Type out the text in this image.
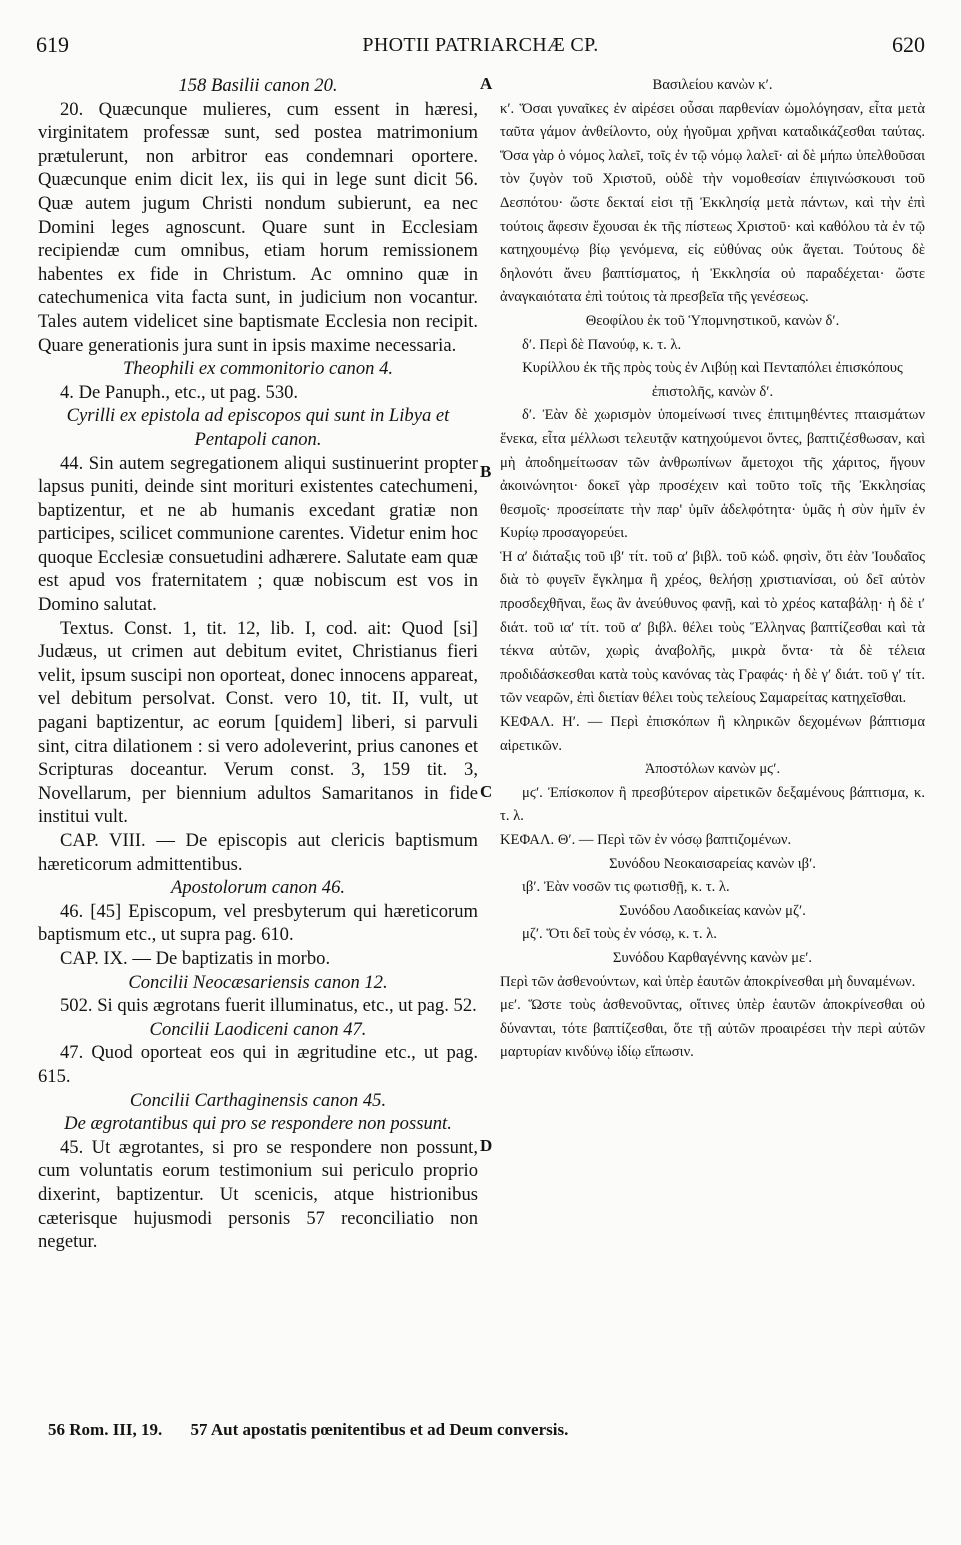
619	PHOTII PATRIARCHÆ CP.	620

158 Basilii canon 20.

20. Quæcunque mulieres, cum essent in hæresi, virginitatem professæ sunt, sed postea matrimonium prætulerunt, non arbitror eas condemnari oportere. Quæcunque enim dicit lex, iis qui in lege sunt dicit 56. Quæ autem jugum Christi nondum subierunt, ea nec Domini leges agnoscunt. Quare sunt in Ecclesiam recipiendæ cum omnibus, etiam horum remissionem habentes ex fide in Christum. Ac omnino quæ in catechumenica vita facta sunt, in judicium non vocantur. Tales autem videlicet sine baptismate Ecclesia non recipit. Quare generationis jura sunt in ipsis maxime necessaria.

Theophili ex commonitorio canon 4.

4. De Panuph., etc., ut pag. 530.

Cyrilli ex epistola ad episcopos qui sunt in Libya et Pentapoli canon.

44. Sin autem segregationem aliqui sustinuerint propter lapsus puniti, deinde sint morituri existentes catechumeni, baptizentur, et ne ab humanis excedant gratiæ non participes, scilicet communione carentes. Videtur enim hoc quoque Ecclesiæ consuetudini adhærere. Salutate eam quæ est apud vos fraternitatem ; quæ nobiscum est vos in Domino salutat.

Textus. Const. 1, tit. 12, lib. I, cod. ait: Quod [si] Judæus, ut crimen aut debitum evitet, Christianus fieri velit, ipsum suscipi non oporteat, donec innocens appareat, vel debitum persolvat. Const. vero 10, tit. II, vult, ut pagani baptizentur, ac eorum [quidem] liberi, si parvuli sint, citra dilationem : si vero adoleverint, prius canones et Scripturas doceantur. Verum const. 3, 159 tit. 3, Novellarum, per biennium adultos Samaritanos in fide institui vult.

CAP. VIII. — De episcopis aut clericis baptismum hæreticorum admittentibus.

Apostolorum canon 46.

46. [45] Episcopum, vel presbyterum qui hæreticorum baptismum etc., ut supra pag. 610.

CAP. IX. — De baptizatis in morbo.

Concilii Neocæsariensis canon 12.

502. Si quis ægrotans fuerit illuminatus, etc., ut pag. 52.

Concilii Laodiceni canon 47.

47. Quod oporteat eos qui in ægritudine etc., ut pag. 615.

Concilii Carthaginensis canon 45.

De ægrotantibus qui pro se respondere non possunt.

45. Ut ægrotantes, si pro se respondere non possunt, cum voluntatis eorum testimonium sui periculo proprio dixerint, baptizentur. Ut scenicis, atque histrionibus cæterisque hujusmodi personis 57 reconciliatio non negetur.

Βασιλείου κανὼν κʹ.

κʹ. Ὅσαι γυναῖκες ἐν αἱρέσει οὖσαι παρθενίαν ὡμολόγησαν, εἶτα μετὰ ταῦτα γάμον ἀνθείλοντο, οὐχ ἡγοῦμαι χρῆναι καταδικάζεσθαι ταύτας. Ὅσα γὰρ ὁ νόμος λαλεῖ, τοῖς ἐν τῷ νόμῳ λαλεῖ· αἱ δὲ μήπω ὑπελθοῦσαι τὸν ζυγὸν τοῦ Χριστοῦ, οὐδὲ τὴν νομοθεσίαν ἐπιγινώσκουσι τοῦ Δεσπότου· ὥστε δεκταί εἰσι τῇ Ἐκκλησίᾳ μετὰ πάντων, καὶ τὴν ἐπὶ τούτοις ἄφεσιν ἔχουσαι ἐκ τῆς πίστεως Χριστοῦ· καὶ καθόλου τὰ ἐν τῷ κατηχουμένῳ βίῳ γενόμενα, εἰς εὐθύνας οὐκ ἄγεται. Τούτους δὲ δηλονότι ἄνευ βαπτίσματος, ἡ Ἐκκλησία οὐ παραδέχεται· ὥστε ἀναγκαιότατα ἐπὶ τούτοις τὰ πρεσβεῖα τῆς γενέσεως.

Θεοφίλου ἐκ τοῦ Ὑπομνηστικοῦ, κανὼν δʹ.

δʹ. Περὶ δὲ Πανούφ, κ. τ. λ.

Κυρίλλου ἐκ τῆς πρὸς τοὺς ἐν Λιβύῃ καὶ Πενταπόλει ἐπισκόπους ἐπιστολῆς, κανὼν δʹ.

δʹ. Ἐὰν δὲ χωρισμὸν ὑπομείνωσί τινες ἐπιτιμηθέντες πταισμάτων ἕνεκα, εἶτα μέλλωσι τελευτᾷν κατηχούμενοι ὄντες, βαπτιζέσθωσαν, καὶ μὴ ἀποδημείτωσαν τῶν ἀνθρωπίνων ἄμετοχοι τῆς χάριτος, ἤγουν ἀκοινώνητοι· δοκεῖ γὰρ προσέχειν καὶ τοῦτο τοῖς τῆς Ἐκκλησίας θεσμοῖς· προσείπατε τὴν παρ' ὑμῖν ἀδελφότητα· ὑμᾶς ἡ σὺν ἡμῖν ἐν Κυρίῳ προσαγορεύει.

Ἡ αʹ διάταξις τοῦ ιβʹ τίτ. τοῦ αʹ βιβλ. τοῦ κώδ. φησὶν, ὅτι ἐὰν Ἰουδαῖος διὰ τὸ φυγεῖν ἔγκλημα ἢ χρέος, θελήσῃ χριστιανίσαι, οὐ δεῖ αὐτὸν προσδεχθῆναι, ἕως ἂν ἀνεύθυνος φανῇ, καὶ τὸ χρέος καταβάλῃ· ἡ δὲ ιʹ διάτ. τοῦ ιαʹ τίτ. τοῦ αʹ βιβλ. θέλει τοὺς Ἕλληνας βαπτίζεσθαι καὶ τὰ τέκνα αὐτῶν, χωρὶς ἀναβολῆς, μικρὰ ὄντα· τὰ δὲ τέλεια προδιδάσκεσθαι κατὰ τοὺς κανόνας τὰς Γραφάς· ἡ δὲ γʹ διάτ. τοῦ γʹ τίτ. τῶν νεαρῶν, ἐπὶ διετίαν θέλει τοὺς τελείους Σαμαρείτας κατηχεῖσθαι.

ΚΕΦΑΛ. Ηʹ. — Περὶ ἐπισκόπων ἢ κληρικῶν δεχομένων βάπτισμα αἱρετικῶν.

Ἀποστόλων κανὼν μϛʹ.

μϛʹ. Ἐπίσκοπον ἢ πρεσβύτερον αἱρετικῶν δεξαμένους βάπτισμα, κ. τ. λ.

ΚΕΦΑΛ. Θʹ. — Περὶ τῶν ἐν νόσῳ βαπτιζομένων.

Συνόδου Νεοκαισαρείας κανὼν ιβʹ.

ιβʹ. Ἐὰν νοσῶν τις φωτισθῇ, κ. τ. λ.

Συνόδου Λαοδικείας κανὼν μζʹ.

μζʹ. Ὅτι δεῖ τοὺς ἐν νόσῳ, κ. τ. λ.

Συνόδου Καρθαγέννης κανὼν μεʹ.

Περὶ τῶν ἀσθενούντων, καὶ ὑπὲρ ἑαυτῶν ἀποκρίνεσθαι μὴ δυναμένων.

μεʹ. Ὥστε τοὺς ἀσθενοῦντας, οἵτινες ὑπὲρ ἑαυτῶν ἀποκρίνεσθαι οὐ δύνανται, τότε βαπτίζεσθαι, ὅτε τῇ αὐτῶν προαιρέσει τὴν περὶ αὐτῶν μαρτυρίαν κινδύνῳ ἰδίῳ εἴπωσιν.

A
B
C
D
56 Rom. III, 19. 57 Aut apostatis pœnitentibus et ad Deum conversis.
